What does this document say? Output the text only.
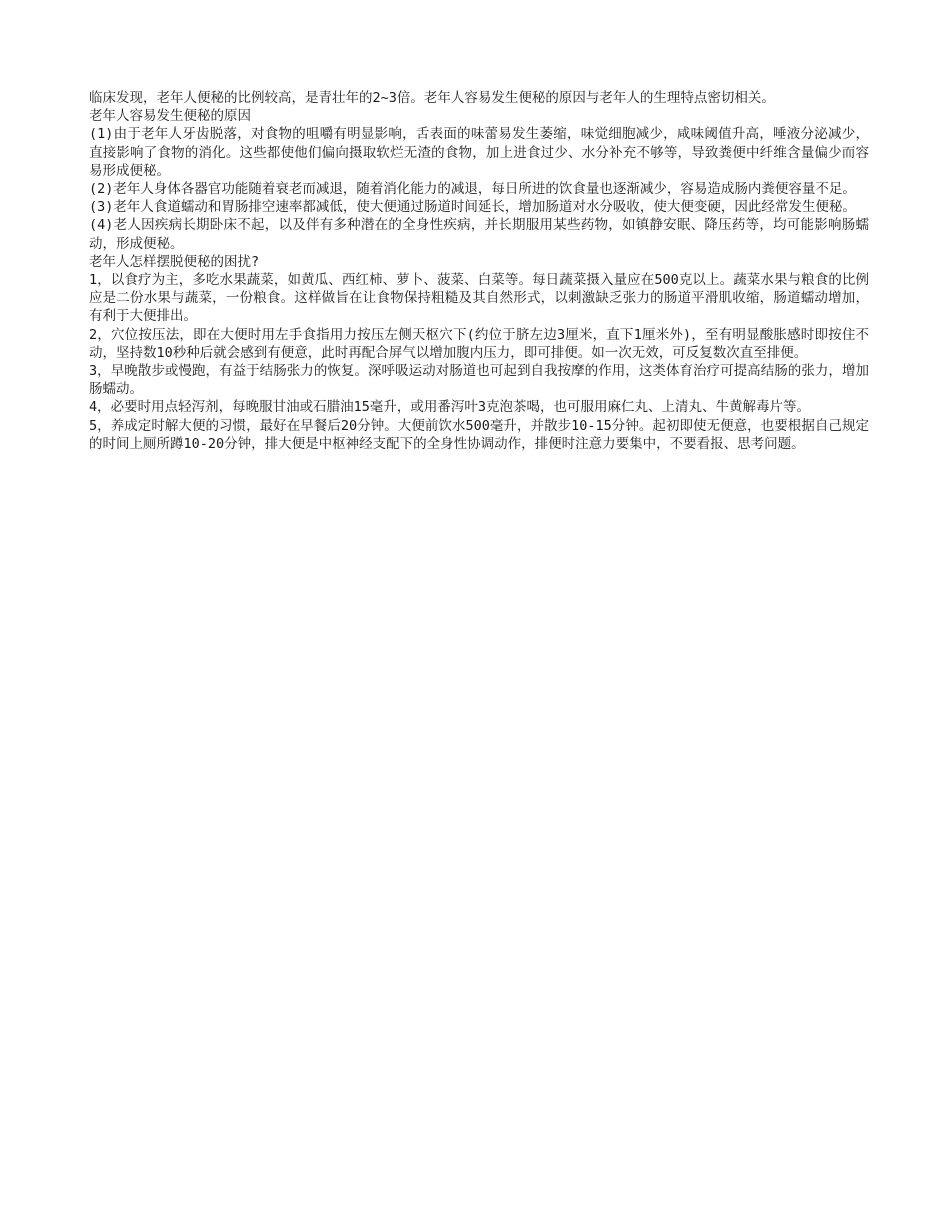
临床发现，老年人便秘的比例较高，是青壮年的2~3倍。老年人容易发生便秘的原因与老年人的生理特点密切相关。

老年人容易发生便秘的原因

(1)由于老年人牙齿脱落，对食物的咀嚼有明显影响，舌表面的味蕾易发生萎缩，味觉细胞减少，咸味阈值升高，唾液分泌减少，直接影响了食物的消化。这些都使他们偏向摄取软烂无渣的食物，加上进食过少、水分补充不够等，导致粪便中纤维含量偏少而容易形成便秘。

(2)老年人身体各器官功能随着衰老而减退，随着消化能力的减退，每日所进的饮食量也逐渐减少，容易造成肠内粪便容量不足。

(3)老年人食道蠕动和胃肠排空速率都减低，使大便通过肠道时间延长，增加肠道对水分吸收，使大便变硬，因此经常发生便秘。

(4)老人因疾病长期卧床不起，以及伴有多种潜在的全身性疾病，并长期服用某些药物，如镇静安眠、降压药等，均可能影响肠蠕动，形成便秘。

老年人怎样摆脱便秘的困扰?

1，以食疗为主，多吃水果蔬菜，如黄瓜、西红柿、萝卜、菠菜、白菜等。每日蔬菜摄入量应在500克以上。蔬菜水果与粮食的比例应是二份水果与蔬菜，一份粮食。这样做旨在让食物保持粗糙及其自然形式，以刺激缺乏张力的肠道平滑肌收缩，肠道蠕动增加，有利于大便排出。

2，穴位按压法，即在大便时用左手食指用力按压左侧天枢穴下(约位于脐左边3厘米，直下1厘米外)，至有明显酸胀感时即按住不动，坚持数10秒种后就会感到有便意，此时再配合屏气以增加腹内压力，即可排便。如一次无效，可反复数次直至排便。

3，早晚散步或慢跑，有益于结肠张力的恢复。深呼吸运动对肠道也可起到自我按摩的作用，这类体育治疗可提高结肠的张力，增加肠蠕动。

4，必要时用点轻泻剂，每晚服甘油或石腊油15毫升，或用番泻叶3克泡茶喝，也可服用麻仁丸、上清丸、牛黄解毒片等。

5，养成定时解大便的习惯，最好在早餐后20分钟。大便前饮水500毫升，并散步10-15分钟。起初即使无便意，也要根据自己规定的时间上厕所蹲10-20分钟，排大便是中枢神经支配下的全身性协调动作，排便时注意力要集中，不要看报、思考问题。
